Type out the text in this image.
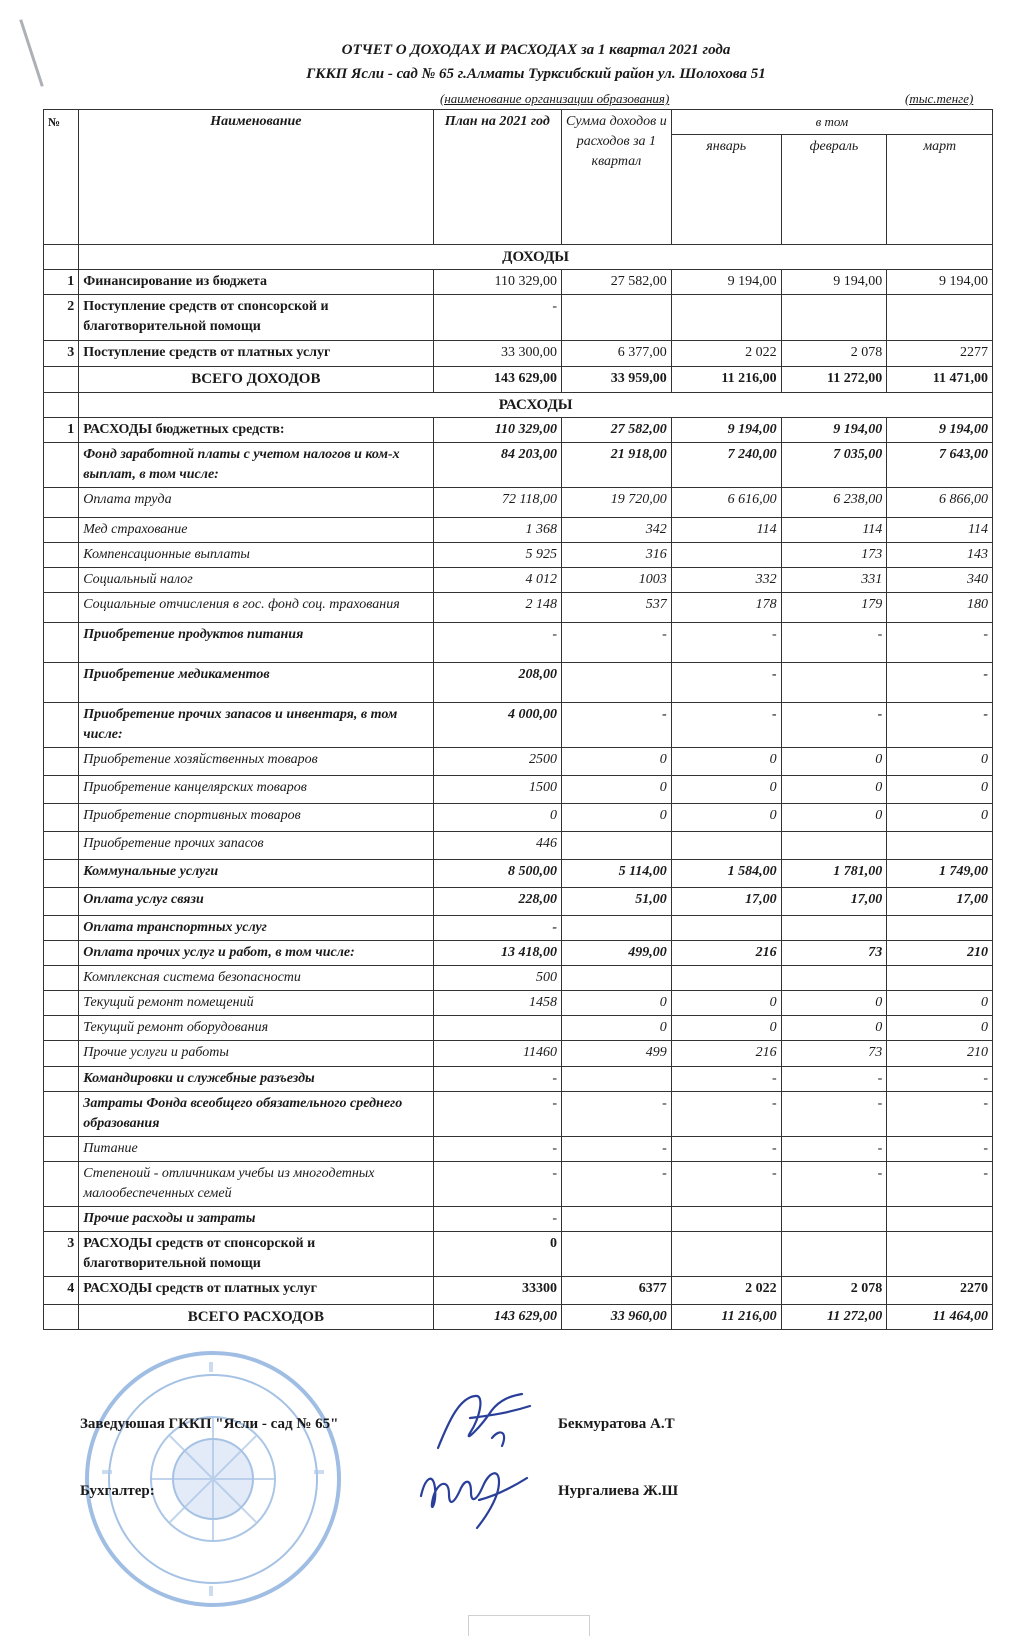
ОТЧЕТ О ДОХОДАХ И РАСХОДАХ за 1 квартал 2021 года
ГККП Ясли - сад № 65 г.Алматы Турксибский район ул. Шолохова 51
(наименование организации образования)	(тыс.тенге)
№	Наименование	План на 2021 год	Сумма доходов и расходов за 1 квартал	в том		
				январь	февраль	март
	ДОХОДЫ					
1	Финансирование из бюджета	110 329,00	27 582,00	9 194,00	9 194,00	9 194,00
2	Поступление средств от спонсорской и благотворительной помощи	-				
3	Поступление средств от платных услуг	33 300,00	6 377,00	2 022	2 078	2277
	ВСЕГО ДОХОДОВ	143 629,00	33 959,00	11 216,00	11 272,00	11 471,00
	РАСХОДЫ					
1	РАСХОДЫ бюджетных средств:	110 329,00	27 582,00	9 194,00	9 194,00	9 194,00
	Фонд заработной платы с учетом налогов и ком-х выплат, в том числе:	84 203,00	21 918,00	7 240,00	7 035,00	7 643,00
	Оплата труда	72 118,00	19 720,00	6 616,00	6 238,00	6 866,00
	Мед страхование	1 368	342	114	114	114
	Компенсационные выплаты	5 925	316		173	143
	Социальный налог	4 012	1003	332	331	340
	Социальные отчисления в гос. фонд соц. трахования	2 148	537	178	179	180
	Приобретение продуктов питания	-	-	-	-	-
	Приобретение медикаментов	208,00		-		-
	Приобретение прочих запасов и инвентаря, в том числе:	4 000,00	-	-	-	-
	Приобретение хозяйственных товаров	2500	0	0	0	0
	Приобретение канцелярских товаров	1500	0	0	0	0
	Приобретение спортивных товаров	0	0	0	0	0
	Приобретение прочих запасов	446				
	Коммунальные услуги	8 500,00	5 114,00	1 584,00	1 781,00	1 749,00
	Оплата услуг связи	228,00	51,00	17,00	17,00	17,00
	Оплата транспортных услуг	-				
	Оплата прочих услуг и работ, в том числе:	13 418,00	499,00	216	73	210
	Комплексная система безопасности	500				
	Текущий ремонт помещений	1458	0	0	0	0
	Текущий ремонт оборудования		0	0	0	0
	Прочие услуги и работы	11460	499	216	73	210
	Командировки и служебные разъезды	-		-	-	-
	Затраты Фонда всеобщего обязательного среднего образования	-	-	-	-	-
	Питание	-	-	-	-	-
	Степеноий - отличникам учебы из многодетных малообеспеченных семей	-	-	-	-	-
	Прочие расходы и затраты	-				
3	РАСХОДЫ средств от спонсорской и благотворительной помощи	0				
4	РАСХОДЫ средств от платных услуг	33300	6377	2 022	2 078	2270
	ВСЕГО РАСХОДОВ	143 629,00	33 960,00	11 216,00	11 272,00	11 464,00
Заведуюшая ГККП "Ясли - сад № 65"	Бекмуратова А.Т
Бухгалтер:	Нургалиева Ж.Ш
